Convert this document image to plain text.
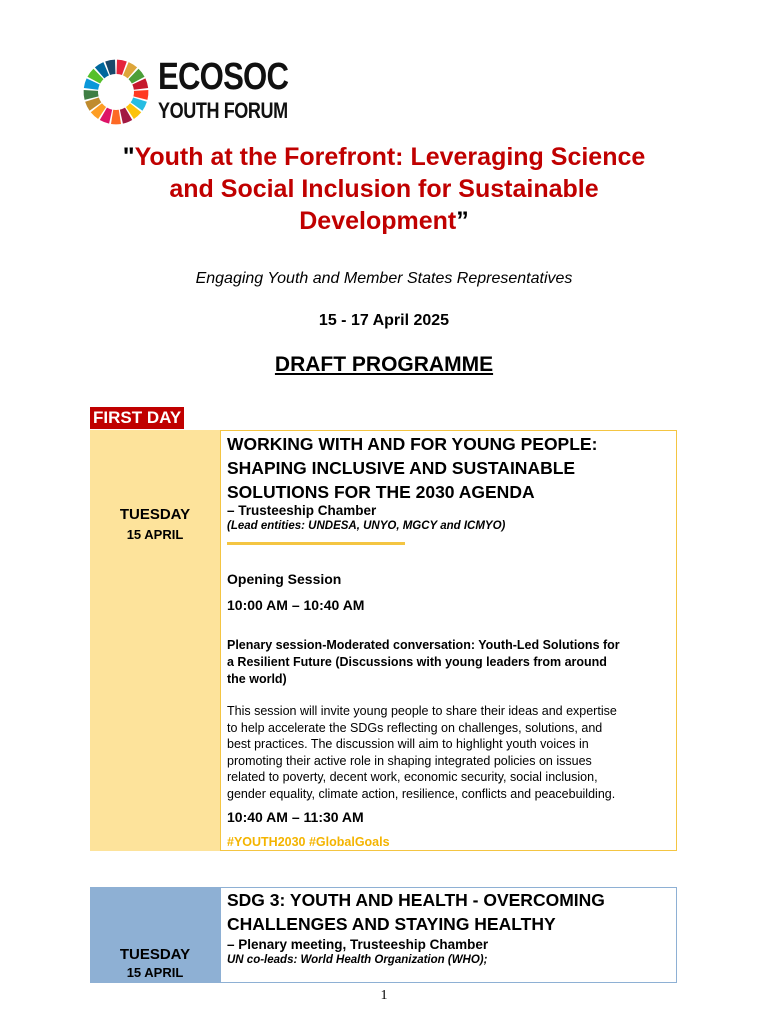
ECOSOC
YOUTH FORUM
"Youth at the Forefront: Leveraging Science
and Social Inclusion for Sustainable
Development”
Engaging Youth and Member States Representatives
15 - 17 April 2025
DRAFT PROGRAMME
FIRST DAY
TUESDAY
15 APRIL
WORKING WITH AND FOR YOUNG PEOPLE:
SHAPING INCLUSIVE AND SUSTAINABLE
SOLUTIONS FOR THE 2030 AGENDA
– Trusteeship Chamber
(Lead entities: UNDESA, UNYO, MGCY and ICMYO)
Opening Session
10:00 AM – 10:40 AM
Plenary session-Moderated conversation: Youth-Led Solutions for
a Resilient Future (Discussions with young leaders from around
the world)
This session will invite young people to share their ideas and expertise
to help accelerate the SDGs reflecting on challenges, solutions, and
best practices. The discussion will aim to highlight youth voices in
promoting their active role in shaping integrated policies on issues
related to poverty, decent work, economic security, social inclusion,
gender equality, climate action, resilience, conflicts and peacebuilding.
10:40 AM – 11:30 AM
#YOUTH2030 #GlobalGoals
TUESDAY
15 APRIL
SDG 3: YOUTH AND HEALTH - OVERCOMING
CHALLENGES AND STAYING HEALTHY
– Plenary meeting, Trusteeship Chamber
UN co-leads: World Health Organization (WHO);
1
